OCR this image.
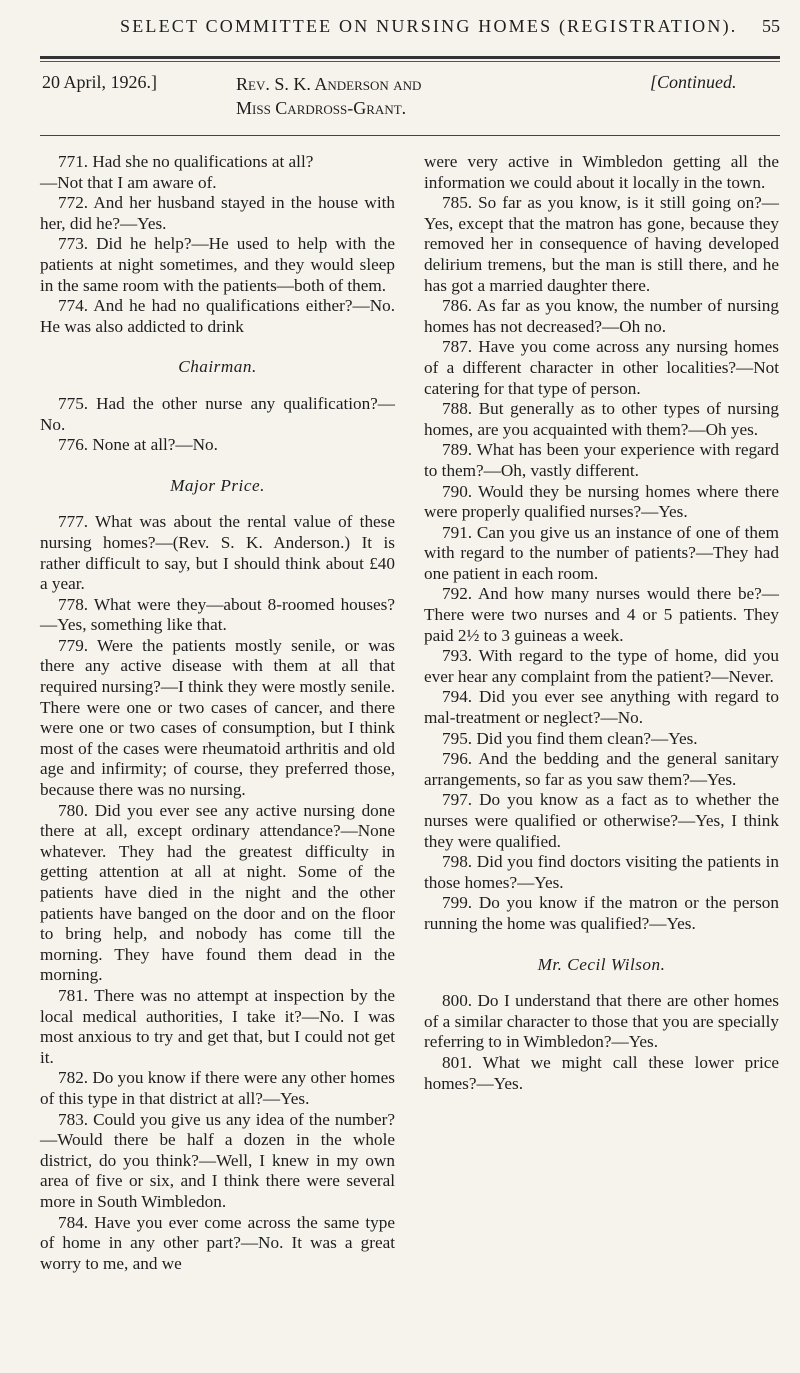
SELECT COMMITTEE ON NURSING HOMES (REGISTRATION). 55
20 April, 1926.]	Rev. S. K. Anderson and
Miss Cardross-Grant.
[Continued.

771. Had she no qualifications at all?

—Not that I am aware of.

772. And her husband stayed in the house with her, did he?—Yes.

773. Did he help?—He used to help with the patients at night sometimes, and they would sleep in the same room with the patients—both of them.

774. And he had no qualifications either?—No. He was also addicted to drink

Chairman.

775. Had the other nurse any qualification?—No.

776. None at all?—No.

Major Price.

777. What was about the rental value of these nursing homes?—(Rev. S. K. Anderson.) It is rather difficult to say, but I should think about £40 a year.

778. What were they—about 8-roomed houses?—Yes, something like that.

779. Were the patients mostly senile, or was there any active disease with them at all that required nursing?—I think they were mostly senile. There were one or two cases of cancer, and there were one or two cases of consumption, but I think most of the cases were rheumatoid arthritis and old age and infirmity; of course, they preferred those, because there was no nursing.

780. Did you ever see any active nursing done there at all, except ordinary attendance?—None whatever. They had the greatest difficulty in getting attention at all at night. Some of the patients have died in the night and the other patients have banged on the door and on the floor to bring help, and nobody has come till the morning. They have found them dead in the morning.

781. There was no attempt at inspection by the local medical authorities, I take it?—No. I was most anxious to try and get that, but I could not get it.

782. Do you know if there were any other homes of this type in that district at all?—Yes.

783. Could you give us any idea of the number?—Would there be half a dozen in the whole district, do you think?—Well, I knew in my own area of five or six, and I think there were several more in South Wimbledon.

784. Have you ever come across the same type of home in any other part?—No. It was a great worry to me, and we

were very active in Wimbledon getting all the information we could about it locally in the town.

785. So far as you know, is it still going on?—Yes, except that the matron has gone, because they removed her in consequence of having developed delirium tremens, but the man is still there, and he has got a married daughter there.

786. As far as you know, the number of nursing homes has not decreased?—Oh no.

787. Have you come across any nursing homes of a different character in other localities?—Not catering for that type of person.

788. But generally as to other types of nursing homes, are you acquainted with them?—Oh yes.

789. What has been your experience with regard to them?—Oh, vastly different.

790. Would they be nursing homes where there were properly qualified nurses?—Yes.

791. Can you give us an instance of one of them with regard to the number of patients?—They had one patient in each room.

792. And how many nurses would there be?—There were two nurses and 4 or 5 patients. They paid 2½ to 3 guineas a week.

793. With regard to the type of home, did you ever hear any complaint from the patient?—Never.

794. Did you ever see anything with regard to mal-treatment or neglect?—No.

795. Did you find them clean?—Yes.

796. And the bedding and the general sanitary arrangements, so far as you saw them?—Yes.

797. Do you know as a fact as to whether the nurses were qualified or otherwise?—Yes, I think they were qualified.

798. Did you find doctors visiting the patients in those homes?—Yes.

799. Do you know if the matron or the person running the home was qualified?—Yes.

Mr. Cecil Wilson.

800. Do I understand that there are other homes of a similar character to those that you are specially referring to in Wimbledon?—Yes.

801. What we might call these lower price homes?—Yes.
